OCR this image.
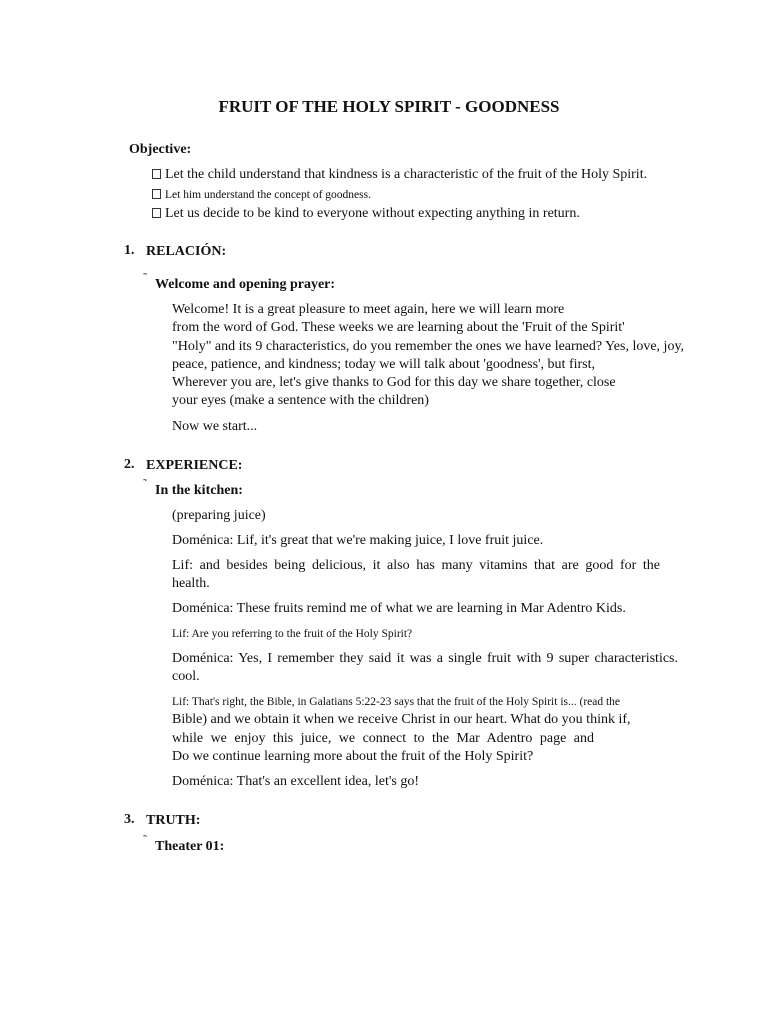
FRUIT OF THE HOLY SPIRIT - GOODNESS
Objective:
Let the child understand that kindness is a characteristic of the fruit of the Holy Spirit.
Let him understand the concept of goodness.
Let us decide to be kind to everyone without expecting anything in return.
1. RELACIÓN:
˜ Welcome and opening prayer:
Welcome! It is a great pleasure to meet again, here we will learn more
from the word of God. These weeks we are learning about the 'Fruit of the Spirit'
"Holy" and its 9 characteristics, do you remember the ones we have learned? Yes, love, joy,
peace, patience, and kindness; today we will talk about 'goodness', but first,
Wherever you are, let's give thanks to God for this day we share together, close
your eyes (make a sentence with the children)
Now we start...
2. EXPERIENCE:
˜ In the kitchen:
(preparing juice)
Doménica: Lif, it's great that we're making juice, I love fruit juice.
Lif: and besides being delicious, it also has many vitamins that are good for the
health.
Doménica: These fruits remind me of what we are learning in Mar Adentro Kids.
Lif: Are you referring to the fruit of the Holy Spirit?
Doménica: Yes, I remember they said it was a single fruit with 9 super characteristics.
cool.
Lif: That's right, the Bible, in Galatians 5:22-23 says that the fruit of the Holy Spirit is... (read the
Bible) and we obtain it when we receive Christ in our heart. What do you think if,
while we enjoy this juice, we connect to the Mar Adentro page and
Do we continue learning more about the fruit of the Holy Spirit?
Doménica: That's an excellent idea, let's go!
3. TRUTH:
˜ Theater 01:
